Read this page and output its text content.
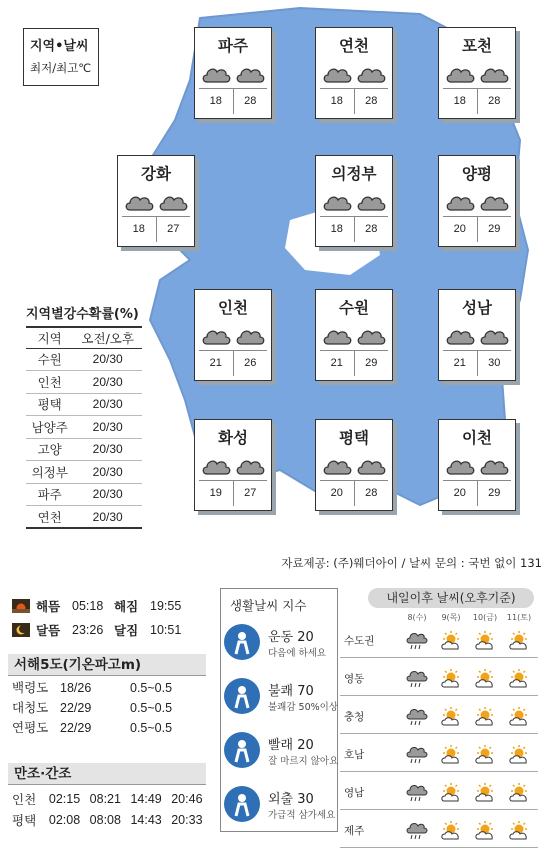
지역•날씨
최저/최고℃
파주
18	28
연천
18	28
포천
18	28
강화
18	27
의정부
18	28
양평
20	29
인천
21	26
수원
21	29
성남
21	30
화성
19	27
평택
20	28
이천
20	29
지역별강수확률(%)
지역	오전/오후
수원	20/30
인천	20/30
평택	20/30
남양주	20/30
고양	20/30
의정부	20/30
파주	20/30
연천	20/30
자료제공: (주)웨더아이 / 날씨 문의 : 국번 없이 131
해뜸 05:18 해짐 19:55
달뜸 23:26 달짐 10:51
서해5도(기온파고m)
백령도 18/26	0.5~0.5
대청도 22/29	0.5~0.5
연평도 22/29	0.5~0.5
만조·간조
인천	02:15 08:21 14:49 20:46
평택	02:08 08:08 14:43 20:33
생활날씨 지수
운동 20
다음에 하세요
불쾌 70
불쾌감 50%이상
빨래 20
잘 마르지 않아요
외출 30
가급적 삼가세요
내일이후 날씨(오후기준)
8(수)	9(목)	10(금)	11(토)
수도권
영동
충청
호남
영남
제주
